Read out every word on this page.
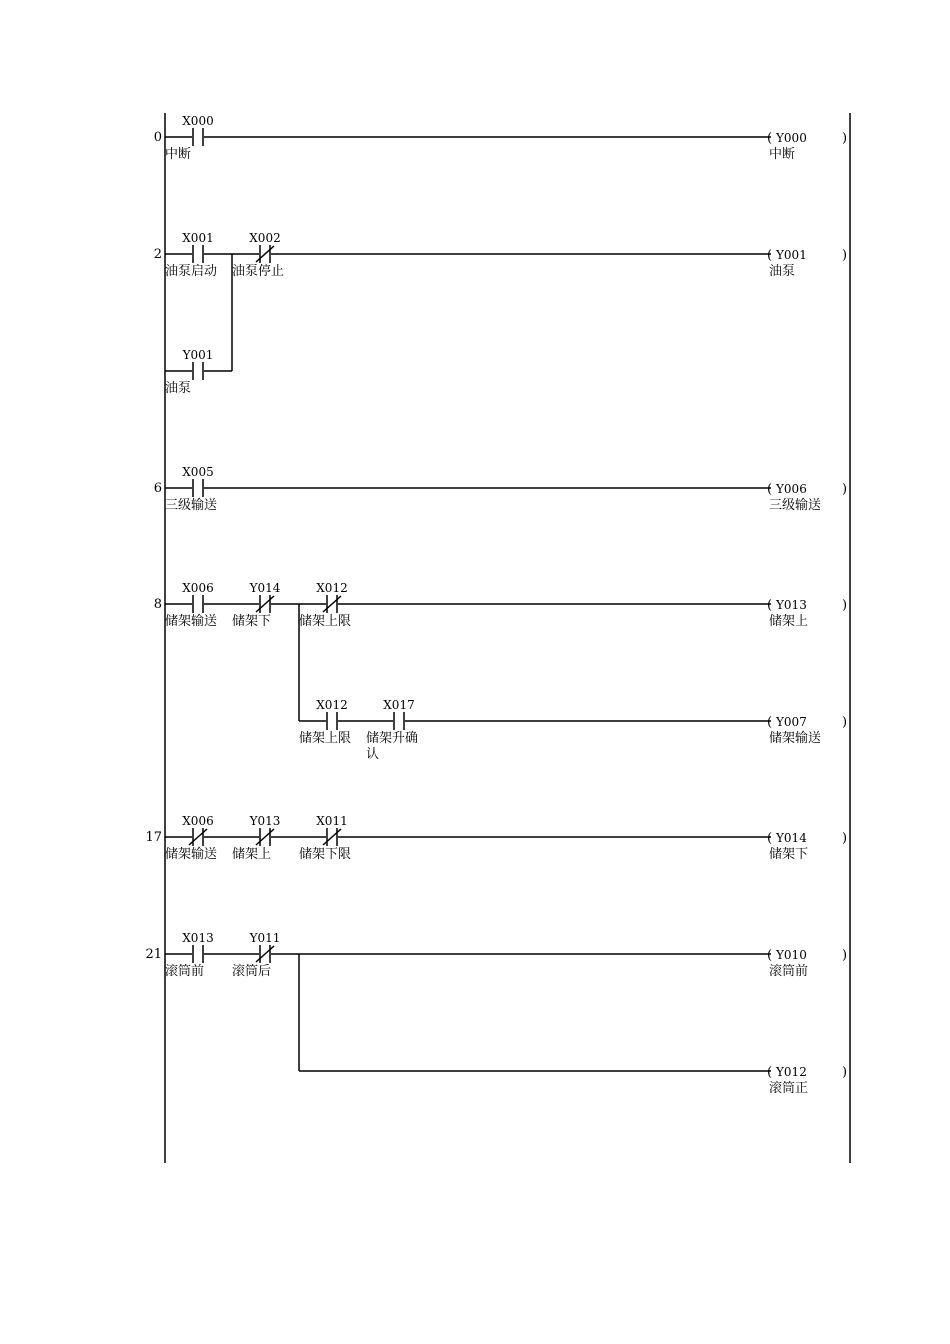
0
X000
中断
(	)
Y000
中断
2
X001
油泵启动
X002
油泵停止
Y001
油泵
(	)
Y001
油泵
6
X005
三级输送
(	)
Y006
三级输送
8
X006
储架输送
Y014
储架下
X012
储架上限
X012
储架上限
X017
储架升确
认
(	)
Y013
储架上
(	)
Y007
储架输送
17
X006
储架输送
Y013
储架上
X011
储架下限
(	)
Y014
储架下
21
X013
滚筒前
Y011
滚筒后
(	)
Y010
滚筒前
(	)
Y012
滚筒正
